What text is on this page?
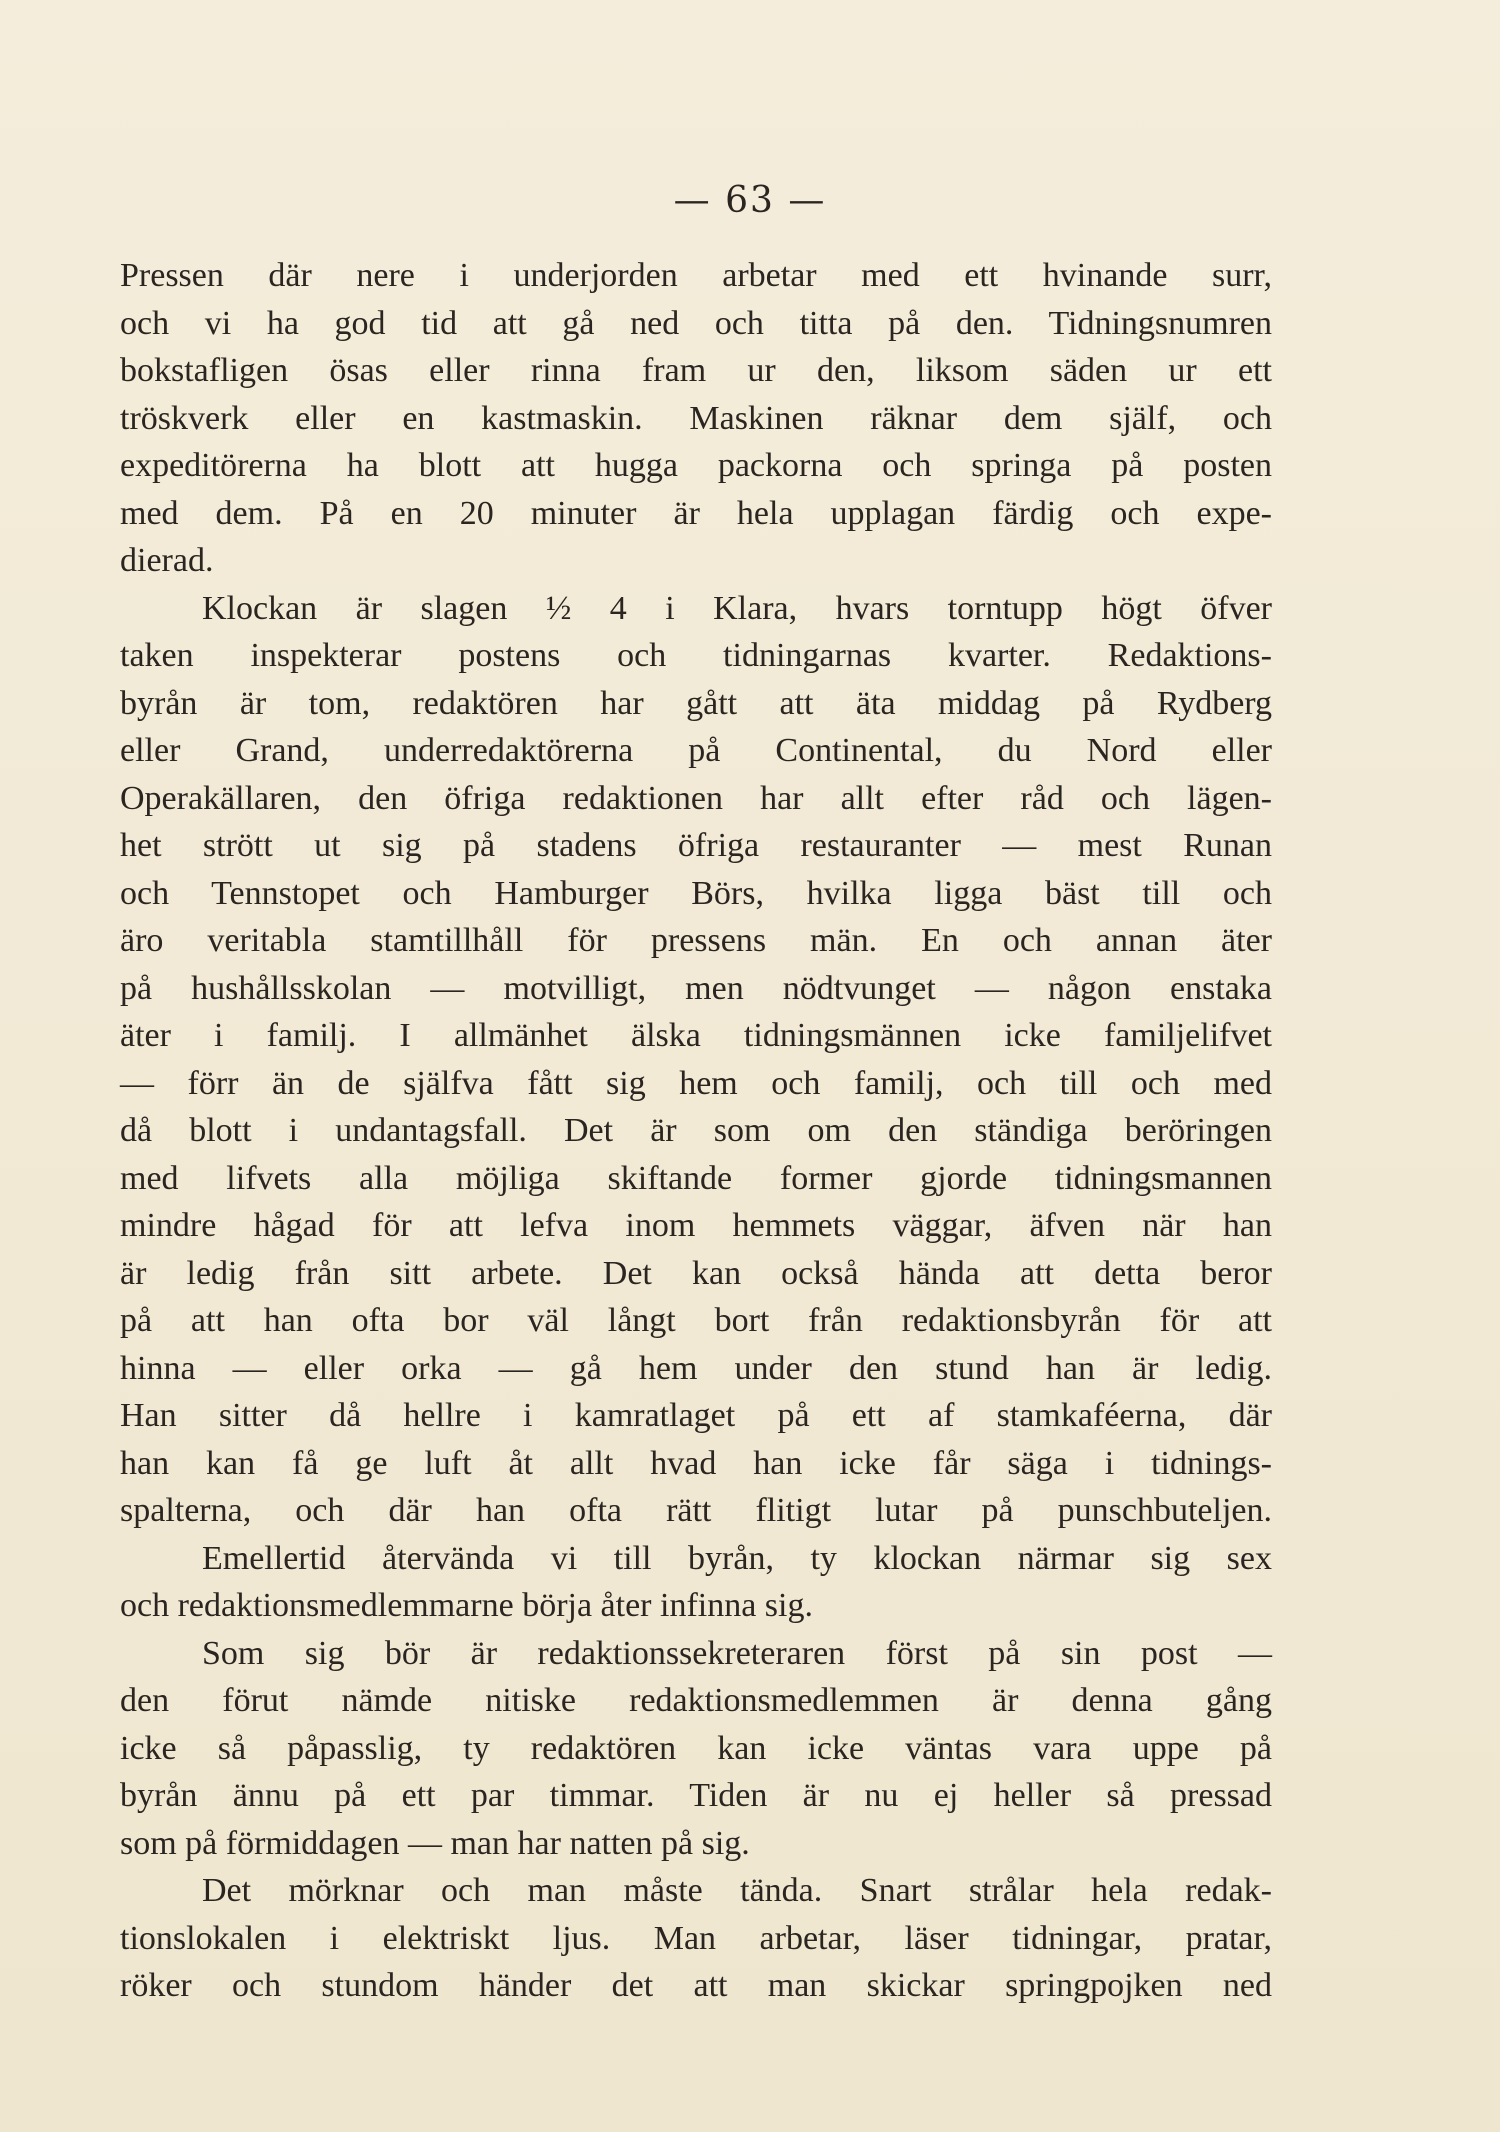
— 63 —
Pressen där nere i underjorden arbetar med ett hvinande surr,
och vi ha god tid att gå ned och titta på den. Tidningsnumren
bokstafligen ösas eller rinna fram ur den, liksom säden ur ett
tröskverk eller en kastmaskin. Maskinen räknar dem själf, och
expeditörerna ha blott att hugga packorna och springa på posten
med dem. På en 20 minuter är hela upplagan färdig och expe-
dierad.
Klockan är slagen ½ 4 i Klara, hvars torntupp högt öfver
taken inspekterar postens och tidningarnas kvarter. Redaktions-
byrån är tom, redaktören har gått att äta middag på Rydberg
eller Grand, underredaktörerna på Continental, du Nord eller
Operakällaren, den öfriga redaktionen har allt efter råd och lägen-
het strött ut sig på stadens öfriga restauranter — mest Runan
och Tennstopet och Hamburger Börs, hvilka ligga bäst till och
äro veritabla stamtillhåll för pressens män. En och annan äter
på hushållsskolan — motvilligt, men nödtvunget — någon enstaka
äter i familj. I allmänhet älska tidningsmännen icke familjelifvet
— förr än de själfva fått sig hem och familj, och till och med
då blott i undantagsfall. Det är som om den ständiga beröringen
med lifvets alla möjliga skiftande former gjorde tidningsmannen
mindre hågad för att lefva inom hemmets väggar, äfven när han
är ledig från sitt arbete. Det kan också hända att detta beror
på att han ofta bor väl långt bort från redaktionsbyrån för att
hinna — eller orka — gå hem under den stund han är ledig.
Han sitter då hellre i kamratlaget på ett af stamkaféerna, där
han kan få ge luft åt allt hvad han icke får säga i tidnings-
spalterna, och där han ofta rätt flitigt lutar på punschbuteljen.
Emellertid återvända vi till byrån, ty klockan närmar sig sex
och redaktionsmedlemmarne börja åter infinna sig.
Som sig bör är redaktionssekreteraren först på sin post —
den förut nämde nitiske redaktionsmedlemmen är denna gång
icke så påpasslig, ty redaktören kan icke väntas vara uppe på
byrån ännu på ett par timmar. Tiden är nu ej heller så pressad
som på förmiddagen — man har natten på sig.
Det mörknar och man måste tända. Snart strålar hela redak-
tionslokalen i elektriskt ljus. Man arbetar, läser tidningar, pratar,
röker och stundom händer det att man skickar springpojken ned
